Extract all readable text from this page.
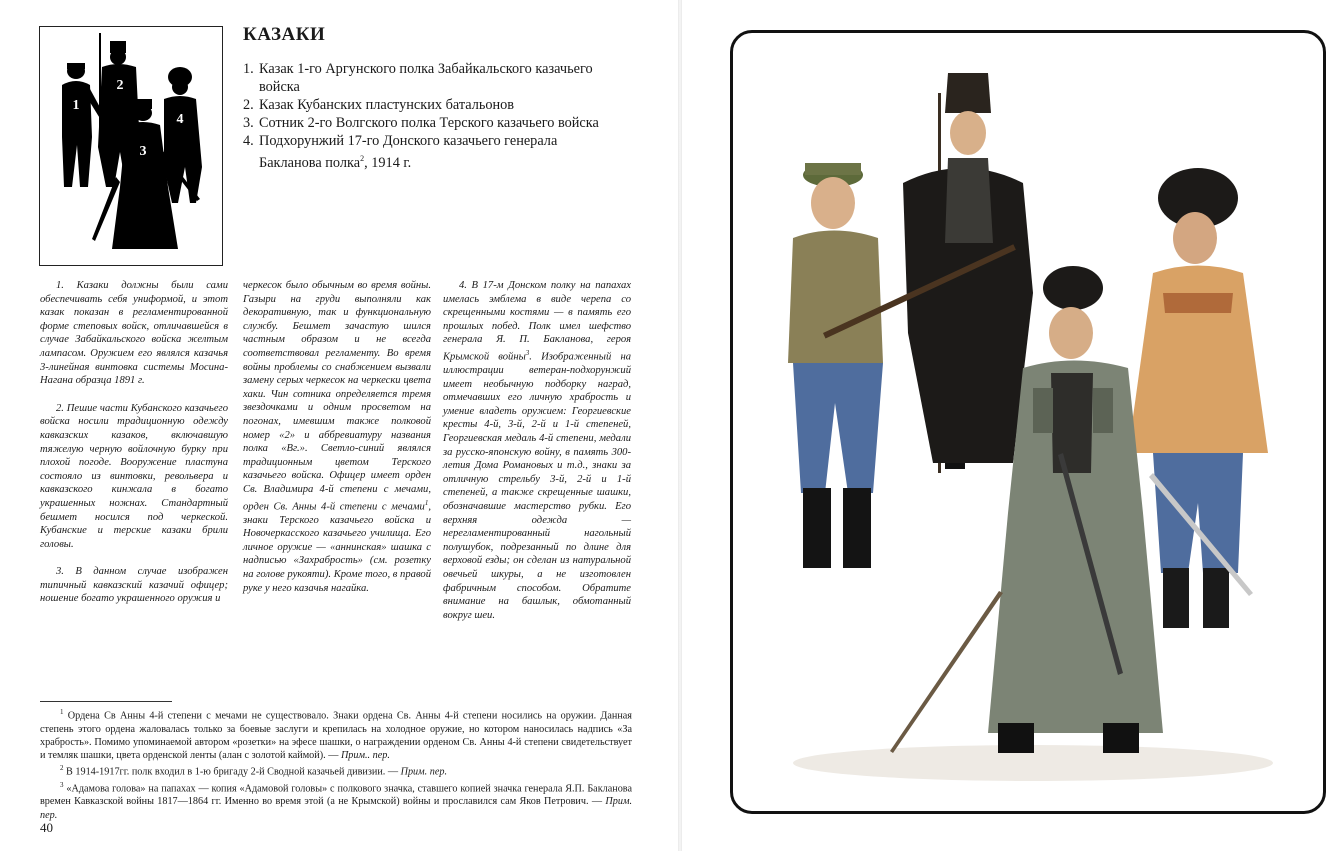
1
2
3
4
КАЗАКИ
1. Казак 1-го Аргунского полка Забайкальского казачьего войска
2. Казак Кубанских пластунских батальонов
3. Сотник 2-го Волгского полка Терского казачьего войска
4. Подхорунжий 17-го Донского казачьего генерала Бакланова полка$^2$, 1914 г.

1. Казаки должны были сами обеспечивать себя униформой, и этот казак показан в регламентированной форме степовых войск, отличавшейся в случае Забайкальского войска желтым лампасом. Оружием его являлся казачья 3-линейная винтовка системы Мосина-Нагана образца 1891 г.

2. Пешие части Кубанского казачьего войска носили традиционную одежду кавказских казаков, включавшую тяжелую черную войлочную бурку при плохой погоде. Вооружение пластуна состояло из винтовки, револьвера и кавказского кинжала в богато украшенных ножнах. Стандартный бешмет носился под черкеской. Кубанские и терские казаки брили головы.

3. В данном случае изображен типичный кавказский казачий офицер; ношение богато украшенного оружия и

черкесок было обычным во время войны. Газыри на груди выполняли как декоративную, так и функциональную службу. Бешмет зачастую шился частным образом и не всегда соответствовал регламенту. Во время войны проблемы со снабжением вызвали замену серых черкесок на черкески цвета хаки. Чин сотника определяется тремя звездочками и одним просветом на погонах, имевшим также полковой номер «2» и аббревиатуру названия полка «Вг.». Светло-синий являлся традиционным цветом Терского казачьего войска. Офицер имеет орден Св. Владимира 4-й степени с мечами, орден Св. Анны 4-й степени с мечами$^1$, знаки Терского казачьего войска и Новочеркасского казачьего училища. Его личное оружие — «аннинская» шашка с надписью «Захрабрость» (см. розетку на голове рукояти). Кроме того, в правой руке у него казачья нагайка.

4. В 17-м Донском полку на папахах имелась эмблема в виде черепа со скрещенными костями — в память его прошлых побед. Полк имел шефство генерала Я. П. Бакланова, героя Крымской войны$^3$. Изображенный на иллюстрации ветеран-подхорунжий имеет необычную подборку наград, отмечавших его личную храбрость и умение владеть оружием: Георгиевские кресты 4-й, 3-й, 2-й и 1-й степеней, Георгиевская медаль 4-й степени, медали за русско-японскую войну, в память 300-летия Дома Романовых и т.д., знаки за отличную стрельбу 3-й, 2-й и 1-й степеней, а также скрещенные шашки, обозначавшие мастерство рубки. Его верхняя одежда — нерегламентированный нагольный полушубок, подрезанный по длине для верховой езды; он сделан из натуральной овечьей шкуры, а не изготовлен фабричным способом. Обратите внимание на башлык, обмотанный вокруг шеи.

$^1$ Ордена Св Анны 4-й степени с мечами не существовало. Знаки ордена Св. Анны 4-й степени носились на оружии. Данная степень этого ордена жаловалась только за боевые заслуги и крепилась на холодное оружие, но котором наносилась надпись «За храбрость». Помимо упоминаемой автором «розетки» на эфесе шашки, о награждении орденом Св. Анны 4-й степени свидетельствует и темляк шашки, цвета орденской ленты (алан с золотой каймой). — Прим.. пер.

$^2$ В 1914-1917гг. полк входил в 1-ю бригаду 2-й Сводной казачьей дивизии. — Прим. пер.

$^3$ «Адамова голова» на папахах — копия «Адамовой головы» с полкового значка, ставшего копией значка генерала Я.П. Бакланова времен Кавказской войны 1817—1864 гг. Именно во время этой (а не Крымской) войны и прославился сам Яков Петрович. — Прим. пер.

40
